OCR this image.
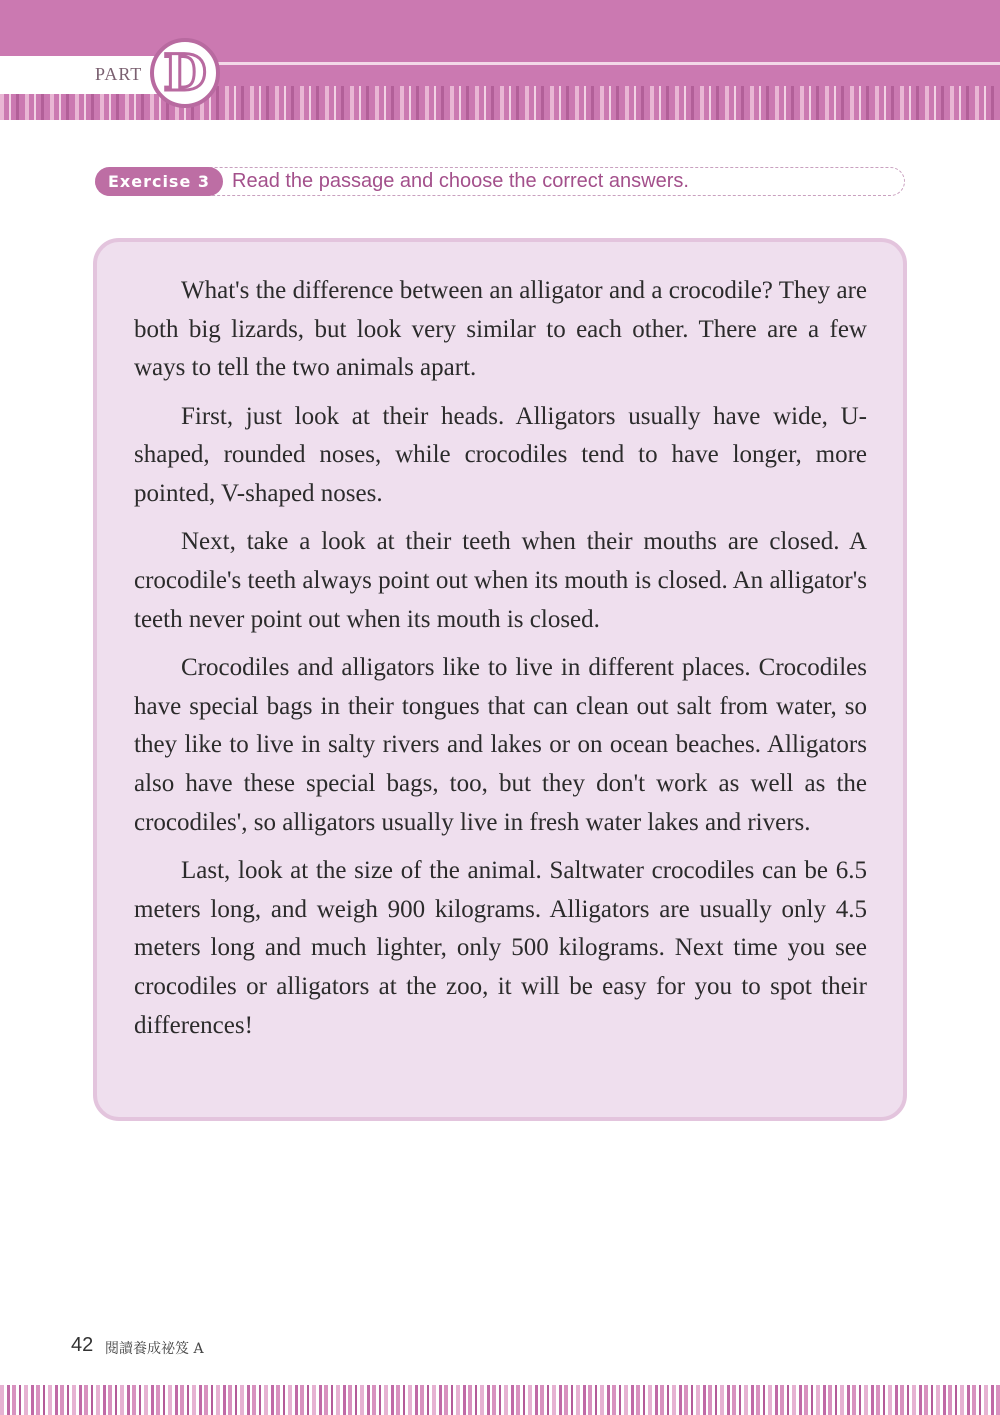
PART D
Exercise 3 Read the passage and choose the correct answers.

What's the difference between an alligator and a crocodile? They are both big lizards, but look very similar to each other. There are a few ways to tell the two animals apart.

First, just look at their heads. Alligators usually have wide, U-shaped, rounded noses, while crocodiles tend to have longer, more pointed, V-shaped noses.

Next, take a look at their teeth when their mouths are closed. A crocodile's teeth always point out when its mouth is closed. An alligator's teeth never point out when its mouth is closed.

Crocodiles and alligators like to live in different places. Crocodiles have special bags in their tongues that can clean out salt from water, so they like to live in salty rivers and lakes or on ocean beaches. Alligators also have these special bags, too, but they don't work as well as the crocodiles', so alligators usually live in fresh water lakes and rivers.

Last, look at the size of the animal. Saltwater crocodiles can be 6.5 meters long, and weigh 900 kilograms. Alligators are usually only 4.5 meters long and much lighter, only 500 kilograms. Next time you see crocodiles or alligators at the zoo, it will be easy for you to spot their differences!

42 閱讀養成祕笈 A
